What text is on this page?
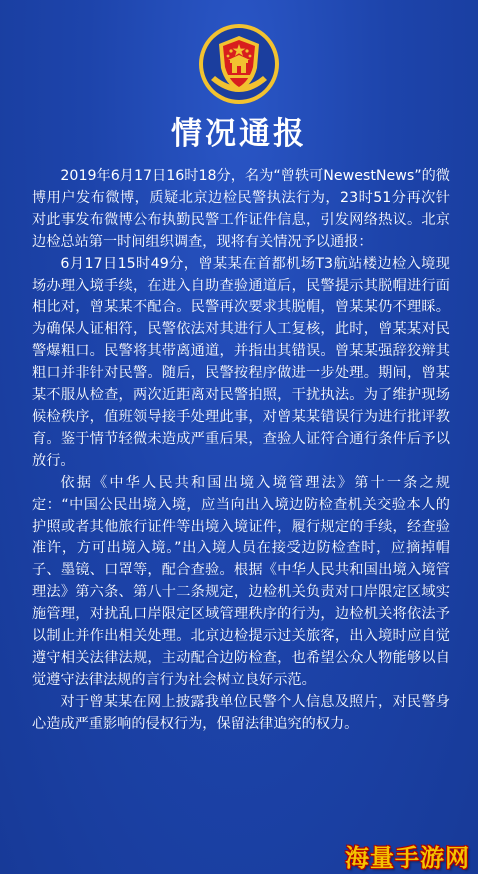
情况通报

2019年6月17日16时18分，名为“曾轶可NewestNews”的微博用户发布微博，质疑北京边检民警执法行为，23时51分再次针对此事发布微博公布执勤民警工作证件信息，引发网络热议。北京边检总站第一时间组织调查，现将有关情况予以通报：

6月17日15时49分，曾某某在首都机场T3航站楼边检入境现场办理入境手续，在进入自助查验通道后，民警提示其脱帽进行面相比对，曾某某不配合。民警再次要求其脱帽，曾某某仍不理睬。为确保人证相符，民警依法对其进行人工复核，此时，曾某某对民警爆粗口。民警将其带离通道，并指出其错误。曾某某强辞狡辩其粗口并非针对民警。随后，民警按程序做进一步处理。期间，曾某某不服从检查，两次近距离对民警拍照，干扰执法。为了维护现场候检秩序，值班领导接手处理此事，对曾某某错误行为进行批评教育。鉴于情节轻微未造成严重后果，查验人证符合通行条件后予以放行。

依据《中华人民共和国出境入境管理法》第十一条之规定：“中国公民出境入境，应当向出入境边防检查机关交验本人的护照或者其他旅行证件等出境入境证件，履行规定的手续，经查验准许，方可出境入境。”出入境人员在接受边防检查时，应摘掉帽子、墨镜、口罩等，配合查验。根据《中华人民共和国出境入境管理法》第六条、第八十二条规定，边检机关负责对口岸限定区域实施管理，对扰乱口岸限定区域管理秩序的行为，边检机关将依法予以制止并作出相关处理。北京边检提示过关旅客，出入境时应自觉遵守相关法律法规，主动配合边防检查，也希望公众人物能够以自觉遵守法律法规的言行为社会树立良好示范。

对于曾某某在网上披露我单位民警个人信息及照片，对民警身心造成严重影响的侵权行为，保留法律追究的权力。

海量手游网
